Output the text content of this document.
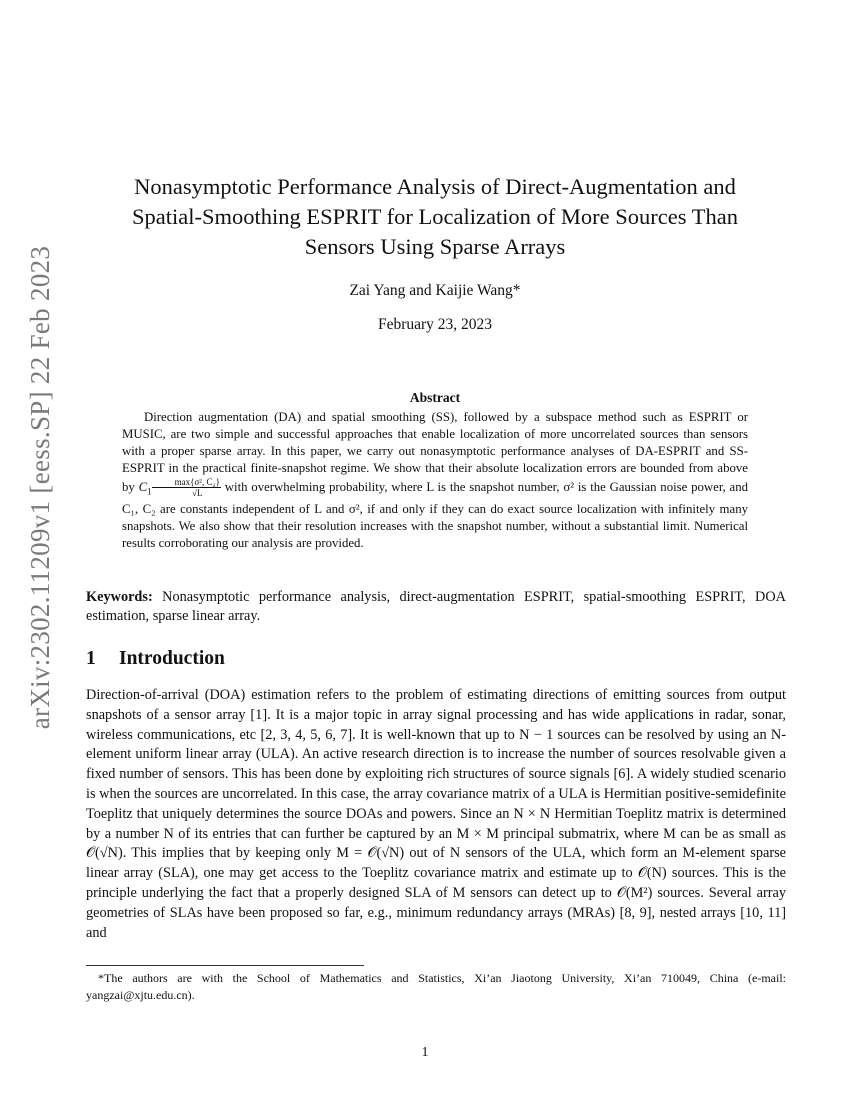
arXiv:2302.11209v1 [eess.SP] 22 Feb 2023
Nonasymptotic Performance Analysis of Direct-Augmentation and Spatial-Smoothing ESPRIT for Localization of More Sources Than Sensors Using Sparse Arrays
Zai Yang and Kaijie Wang*
February 23, 2023
Abstract
Direction augmentation (DA) and spatial smoothing (SS), followed by a subspace method such as ESPRIT or MUSIC, are two simple and successful approaches that enable localization of more uncorrelated sources than sensors with a proper sparse array. In this paper, we carry out nonasymptotic performance analyses of DA-ESPRIT and SS-ESPRIT in the practical finite-snapshot regime. We show that their absolute localization errors are bounded from above by $C_1 \frac{\text{max\{σ², C₂\}}}{√L}$ with overwhelming probability, where L is the snapshot number, σ² is the Gaussian noise power, and C₁, C₂ are constants independent of L and σ², if and only if they can do exact source localization with infinitely many snapshots. We also show that their resolution increases with the snapshot number, without a substantial limit. Numerical results corroborating our analysis are provided.
Keywords: Nonasymptotic performance analysis, direct-augmentation ESPRIT, spatial-smoothing ESPRIT, DOA estimation, sparse linear array.
1 Introduction
Direction-of-arrival (DOA) estimation refers to the problem of estimating directions of emitting sources from output snapshots of a sensor array [1]. It is a major topic in array signal processing and has wide applications in radar, sonar, wireless communications, etc [2, 3, 4, 5, 6, 7]. It is well-known that up to N − 1 sources can be resolved by using an N-element uniform linear array (ULA). An active research direction is to increase the number of sources resolvable given a fixed number of sensors. This has been done by exploiting rich structures of source signals [6]. A widely studied scenario is when the sources are uncorrelated. In this case, the array covariance matrix of a ULA is Hermitian positive-semidefinite Toeplitz that uniquely determines the source DOAs and powers. Since an N × N Hermitian Toeplitz matrix is determined by a number N of its entries that can further be captured by an M × M principal submatrix, where M can be as small as 𝒪(√N). This implies that by keeping only M = 𝒪(√N) out of N sensors of the ULA, which form an M-element sparse linear array (SLA), one may get access to the Toeplitz covariance matrix and estimate up to 𝒪(N) sources. This is the principle underlying the fact that a properly designed SLA of M sensors can detect up to 𝒪(M²) sources. Several array geometries of SLAs have been proposed so far, e.g., minimum redundancy arrays (MRAs) [8, 9], nested arrays [10, 11] and
*The authors are with the School of Mathematics and Statistics, Xi’an Jiaotong University, Xi’an 710049, China (e-mail: yangzai@xjtu.edu.cn).
1
